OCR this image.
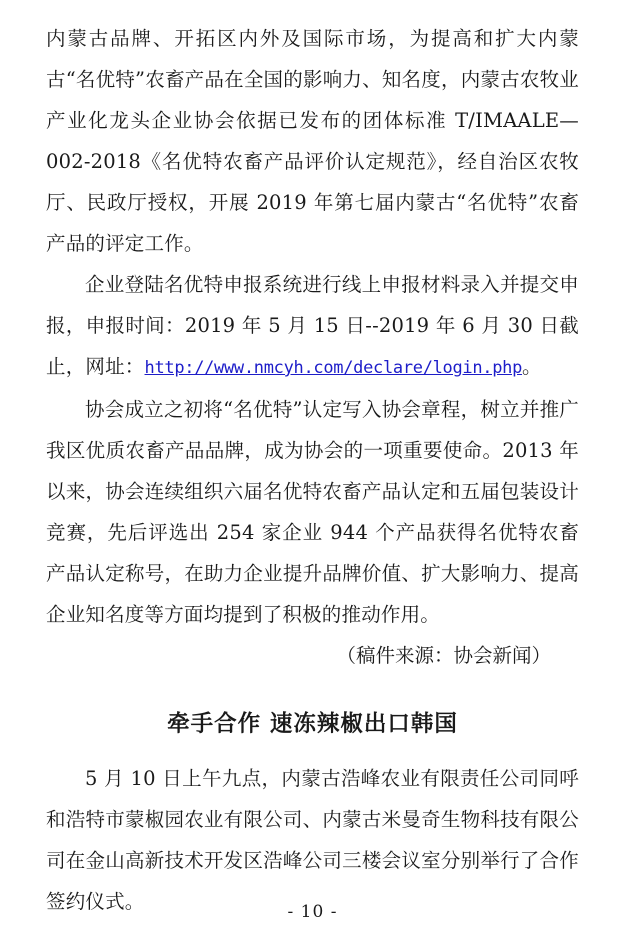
内蒙古品牌、开拓区内外及国际市场，为提高和扩大内蒙古“名优特”农畜产品在全国的影响力、知名度，内蒙古农牧业产业化龙头企业协会依据已发布的团体标准 T/IMAALE—002-2018《名优特农畜产品评价认定规范》，经自治区农牧厅、民政厅授权，开展 2019 年第七届内蒙古“名优特”农畜产品的评定工作。

企业登陆名优特申报系统进行线上申报材料录入并提交申报，申报时间：2019 年 5 月 15 日--2019 年 6 月 30 日截止，网址：http://www.nmcyh.com/declare/login.php。

协会成立之初将“名优特”认定写入协会章程，树立并推广我区优质农畜产品品牌，成为协会的一项重要使命。2013 年以来，协会连续组织六届名优特农畜产品认定和五届包装设计竞赛，先后评选出 254 家企业 944 个产品获得名优特农畜产品认定称号，在助力企业提升品牌价值、扩大影响力、提高企业知名度等方面均提到了积极的推动作用。

（稿件来源：协会新闻）

牵手合作 速冻辣椒出口韩国

5 月 10 日上午九点，内蒙古浩峰农业有限责任公司同呼和浩特市蒙椒园农业有限公司、内蒙古米曼奇生物科技有限公司在金山高新技术开发区浩峰公司三楼会议室分别举行了合作签约仪式。	- 10 -
